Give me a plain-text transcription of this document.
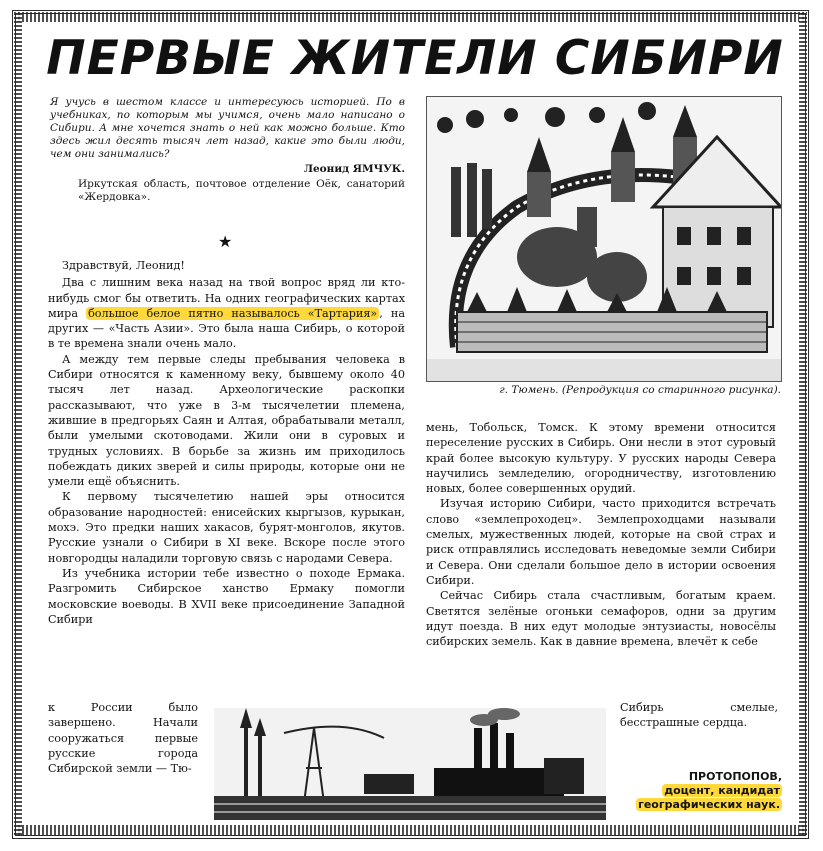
ПЕРВЫЕ ЖИТЕЛИ СИБИРИ
Я учусь в шестом классе и интересуюсь историей. По в учебниках, по которым мы учимся, очень мало написано о Сибири. А мне хочется знать о ней как можно больше. Кто здесь жил десять тысяч лет назад, какие это были люди, чем они занимались?
Леонид ЯМЧУК.
Иркутская область, почтовое отделение Оёк, санаторий «Жердовка».
★

Здравствуй, Леонид!

Два с лишним века назад на твой вопрос вряд ли кто-нибудь смог бы ответить. На одних географических картах мира большое белое пятно называлось «Тартария» , на других — «Часть Азии». Это была наша Сибирь, о которой в те времена знали очень мало.

А между тем первые следы пребывания человека в Сибири относятся к каменному веку, бывшему около 40 тысяч лет назад. Археологические раскопки рассказывают, что уже в 3-м тысячелетии племена, жившие в предгорьях Саян и Алтая, обрабатывали металл, были умелыми скотоводами. Жили они в суровых и трудных условиях. В борьбе за жизнь им приходилось побеждать диких зверей и силы природы, которые они не умели ещё объяснить.

К первому тысячелетию нашей эры относится образование народностей: енисейских кыргызов, курыкан, мохэ. Это предки наших хакасов, бурят-монголов, якутов. Русские узнали о Сибири в XI веке. Вскоре после этого новгородцы наладили торговую связь с народами Севера.

Из учебника истории тебе известно о походе Ермака. Разгромить Сибирское ханство Ермаку помогли московские воеводы. В XVII веке присоединение Западной Сибири

к России было завершено. Начали сооружаться первые русские города Сибирской земли — Тю-
г. Тюмень. (Репродукция со старинного рисунка).

мень, Тобольск, Томск. К этому времени относится переселение русских в Сибирь. Они несли в этот суровый край более высокую культуру. У русских народы Севера научились земледелию, огородничеству, изготовлению новых, более совершенных орудий.

Изучая историю Сибири, часто приходится встречать слово «землепроходец». Землепроходцами называли смелых, мужественных людей, которые на свой страх и риск отправлялись исследовать неведомые земли Сибири и Севера. Они сделали большое дело в истории освоения Сибири.

Сейчас Сибирь стала счастливым, богатым краем. Светятся зелёные огоньки семафоров, одни за другим идут поезда. В них едут молодые энтузиасты, новосёлы сибирских земель. Как в давние времена, влечёт к себе

Сибирь смелые, бесстрашные сердца.
ПРОТОПОПОВ,
доцент, кандидат
географических наук.
